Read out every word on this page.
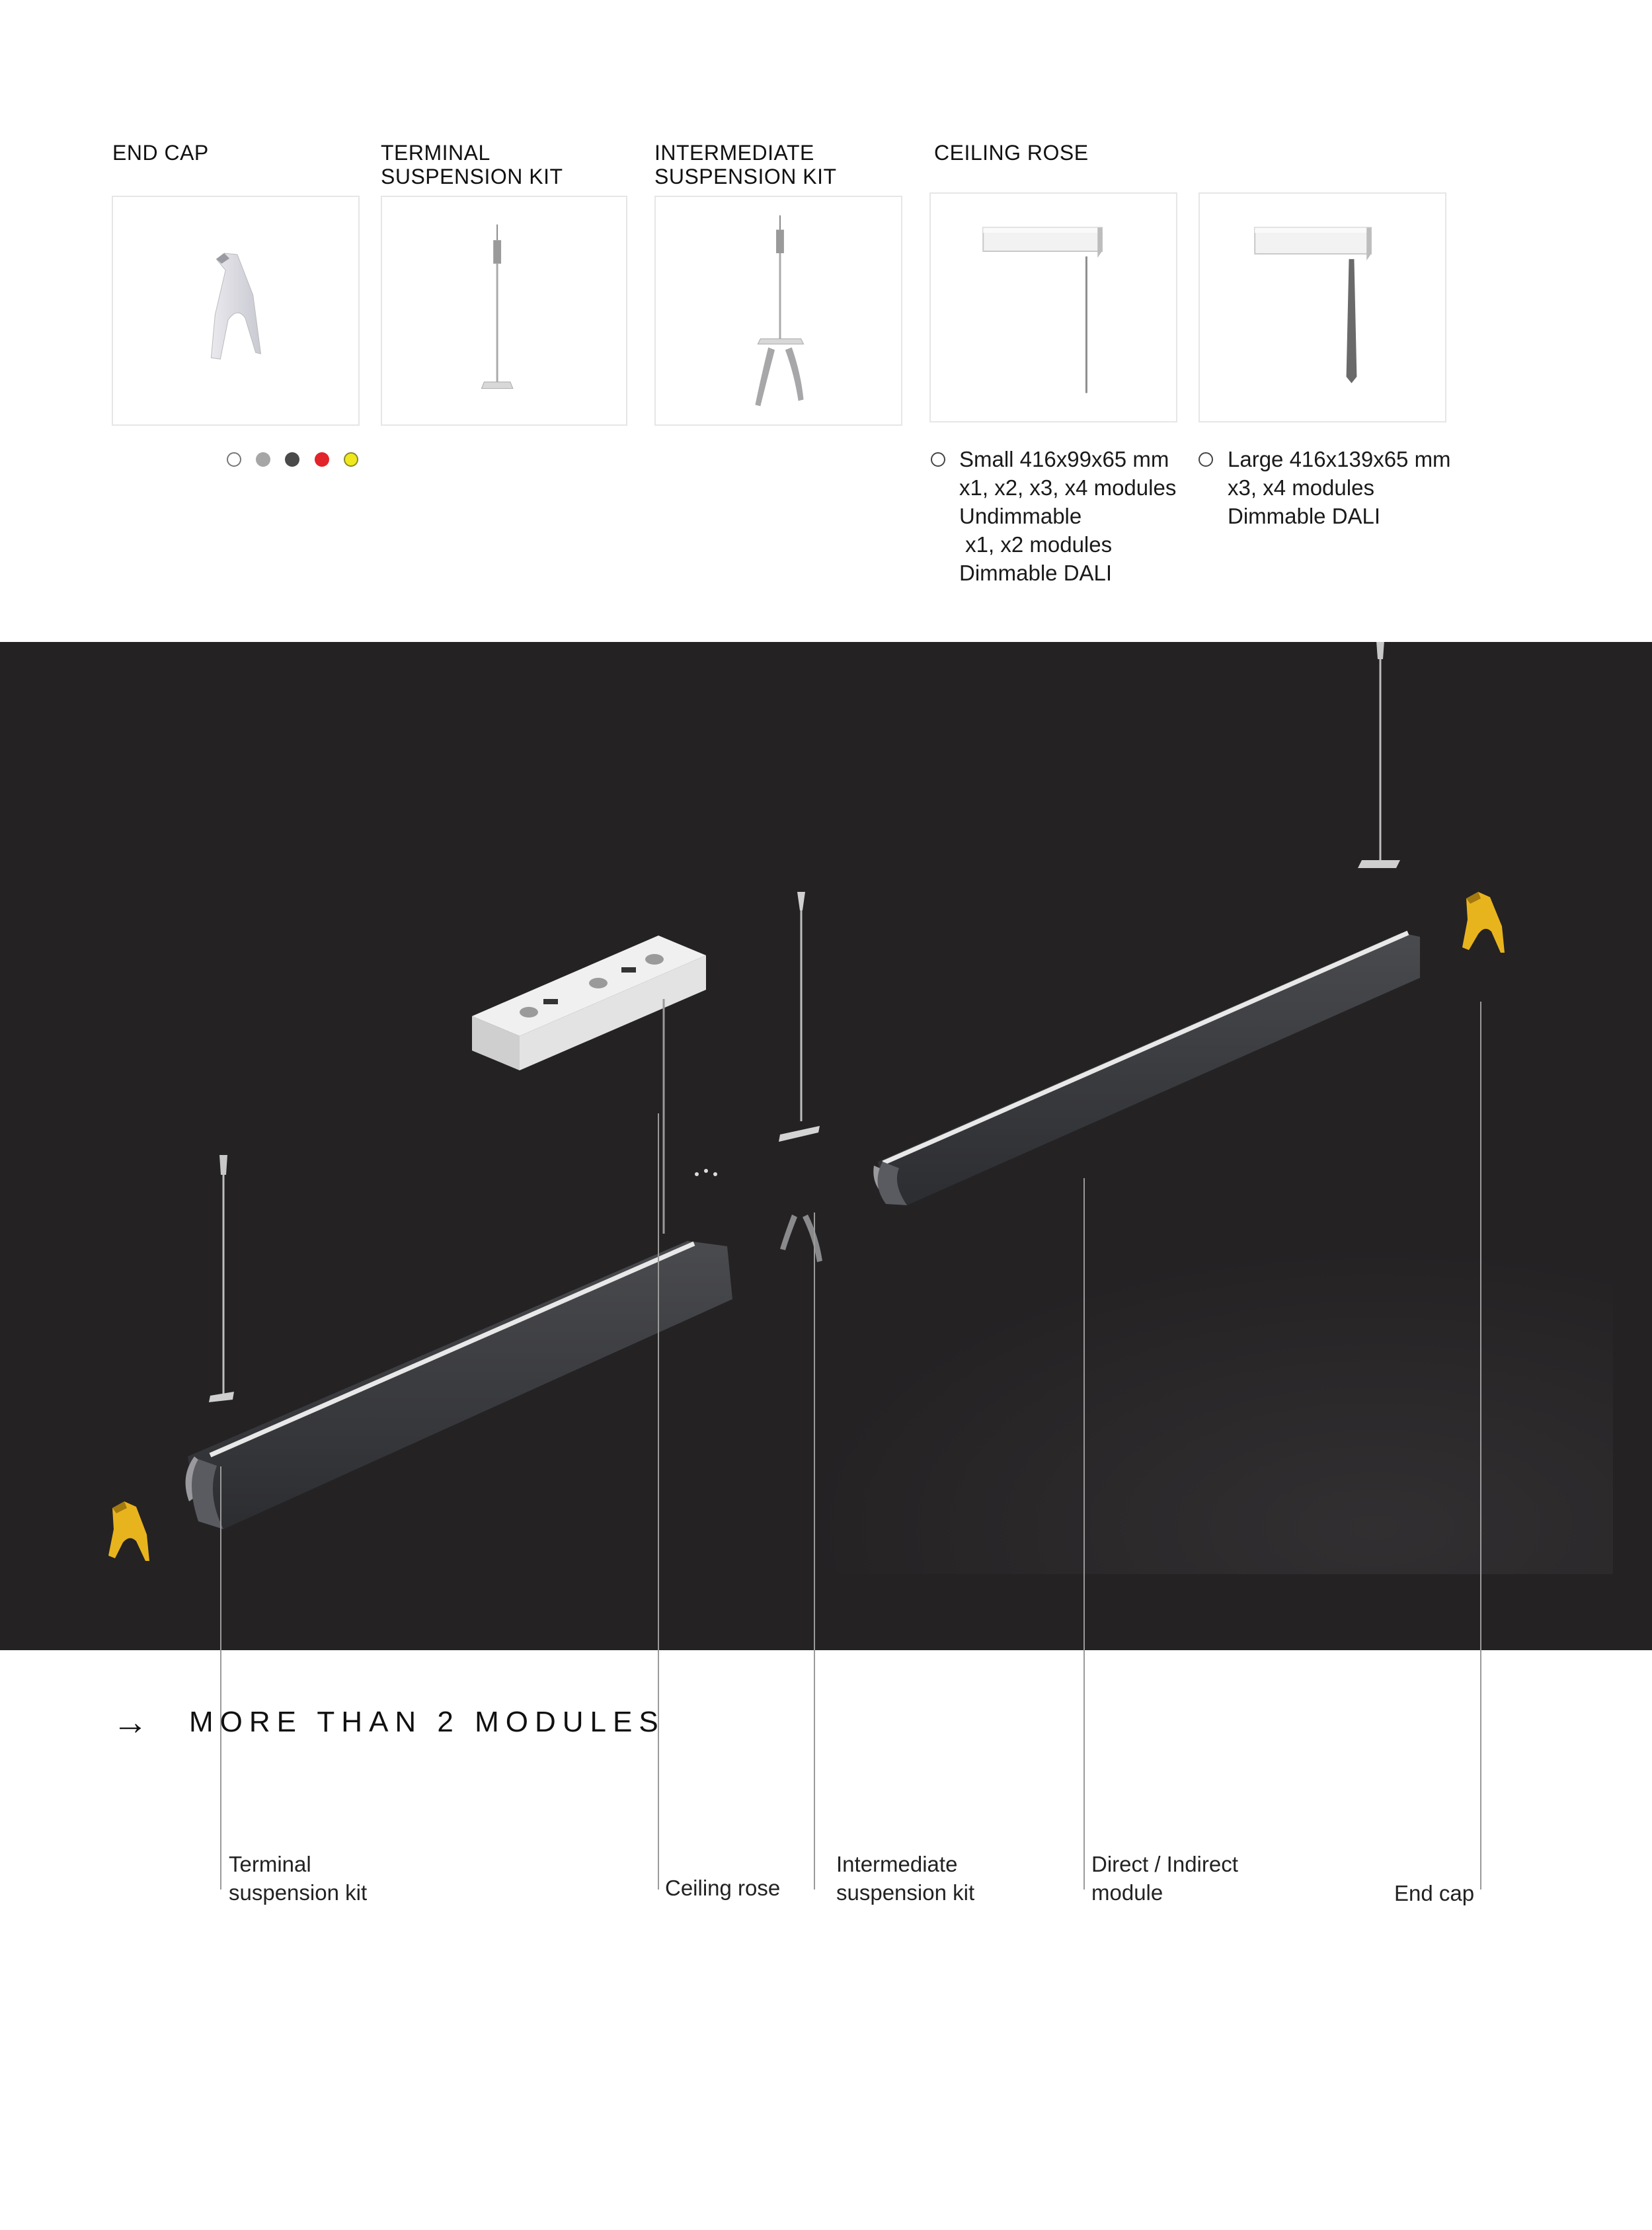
END CAP	TERMINAL
SUSPENSION KIT
INTERMEDIATE
SUSPENSION KIT
CEILING ROSE
Small 416x99x65 mm
x1, x2, x3, x4 modules
Undimmable
x1, x2 modules
Dimmable DALI
Large 416x139x65 mm
x3, x4 modules
Dimmable DALI
→ MORE THAN 2 MODULES
Terminal
suspension kit	Ceiling rose
Intermediate
suspension kit
Direct / Indirect
module	End cap
